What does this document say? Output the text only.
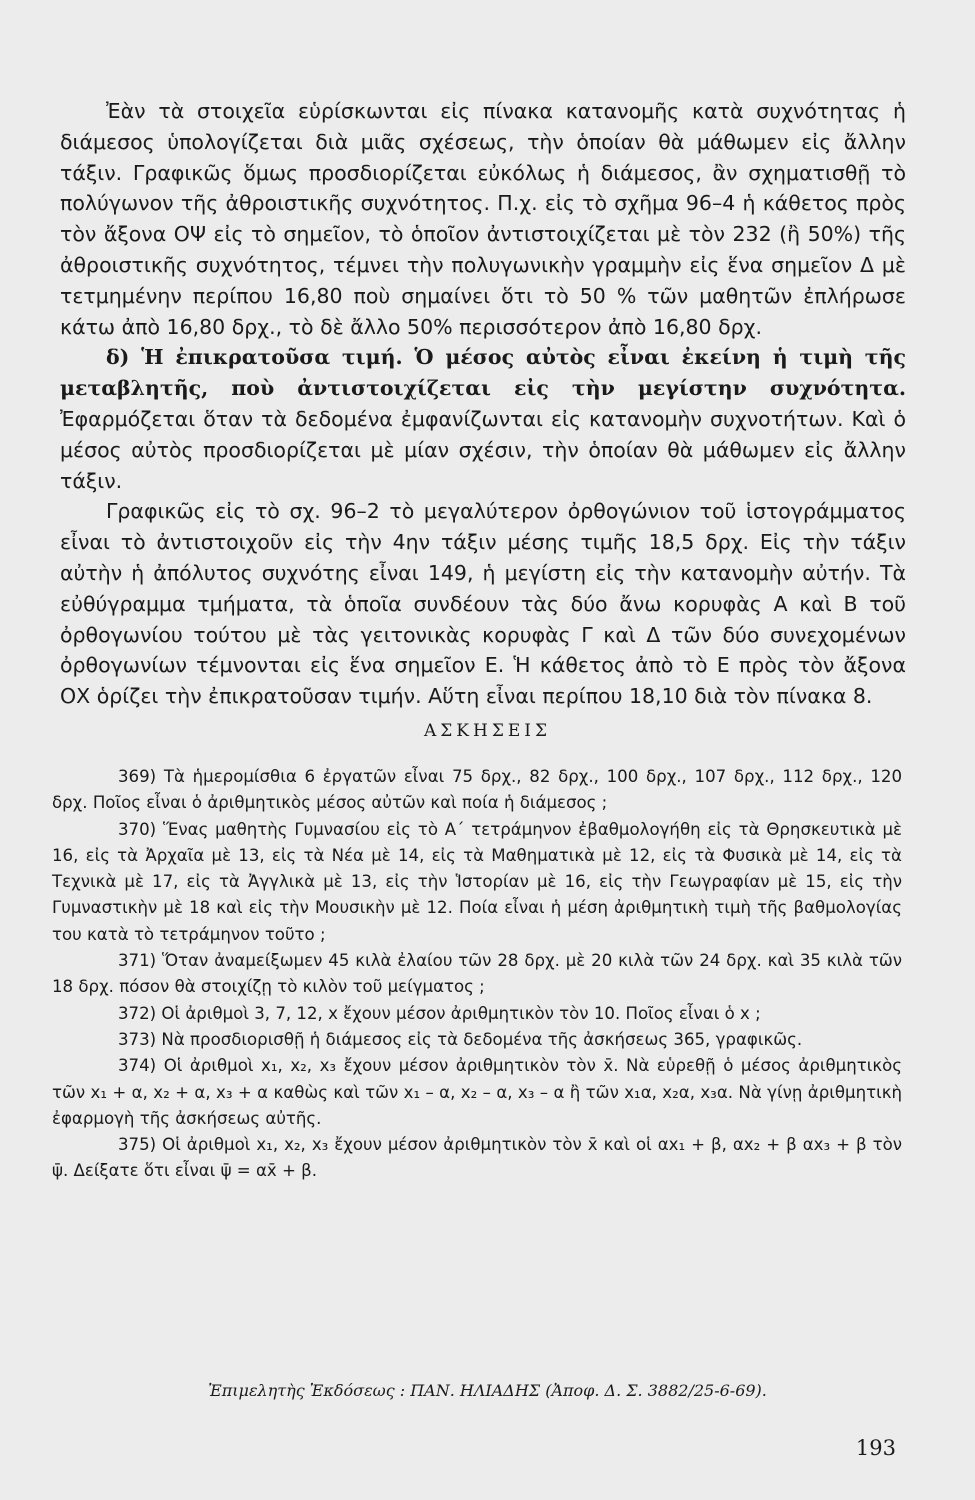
Ἐὰν τὰ στοιχεῖα εὑρίσκωνται εἰς πίνακα κατανομῆς κατὰ συχνότητας ἡ διάμεσος ὑπολογίζεται διὰ μιᾶς σχέσεως, τὴν ὁποίαν θὰ μάθωμεν εἰς ἄλλην τάξιν. Γραφικῶς ὅμως προσδιορίζεται εὐκόλως ἡ διάμεσος, ἂν σχηματισθῇ τὸ πολύγωνον τῆς ἀθροιστικῆς συχνότητος. Π.χ. εἰς τὸ σχῆμα 96–4 ἡ κάθετος πρὸς τὸν ἄξονα ΟΨ εἰς τὸ σημεῖον, τὸ ὁποῖον ἀντιστοιχίζεται μὲ τὸν 232 (ἢ 50%) τῆς ἀθροιστικῆς συχνότητος, τέμνει τὴν πολυγωνικὴν γραμμὴν εἰς ἕνα σημεῖον Δ μὲ τετμημένην περίπου 16,80 ποὺ σημαίνει ὅτι τὸ 50 % τῶν μαθητῶν ἐπλήρωσε κάτω ἀπὸ 16,80 δρχ., τὸ δὲ ἄλλο 50% περισσότερον ἀπὸ 16,80 δρχ.

δ) Ἡ ἐπικρατοῦσα τιμή. Ὁ μέσος αὐτὸς εἶναι ἐκείνη ἡ τιμὴ τῆς μεταβλητῆς, ποὺ ἀντιστοιχίζεται εἰς τὴν μεγίστην συχνότητα. Ἐφαρμόζεται ὅταν τὰ δεδομένα ἐμφανίζωνται εἰς κατανομὴν συχνοτήτων. Καὶ ὁ μέσος αὐτὸς προσδιορίζεται μὲ μίαν σχέσιν, τὴν ὁποίαν θὰ μάθωμεν εἰς ἄλλην τάξιν.

Γραφικῶς εἰς τὸ σχ. 96–2 τὸ μεγαλύτερον ὀρθογώνιον τοῦ ἱστογράμματος εἶναι τὸ ἀντιστοιχοῦν εἰς τὴν 4ην τάξιν μέσης τιμῆς 18,5 δρχ. Εἰς τὴν τάξιν αὐτὴν ἡ ἀπόλυτος συχνότης εἶναι 149, ἡ μεγίστη εἰς τὴν κατανομὴν αὐτήν. Τὰ εὐθύγραμμα τμήματα, τὰ ὁποῖα συνδέουν τὰς δύο ἄνω κορυφὰς Α καὶ Β τοῦ ὀρθογωνίου τούτου μὲ τὰς γειτονικὰς κορυφὰς Γ καὶ Δ τῶν δύο συνεχομένων ὀρθογωνίων τέμνονται εἰς ἕνα σημεῖον Ε. Ἡ κάθετος ἀπὸ τὸ Ε πρὸς τὸν ἄξονα ΟΧ ὁρίζει τὴν ἐπικρατοῦσαν τιμήν. Αὕτη εἶναι περίπου 18,10 διὰ τὸν πίνακα 8.

ΑΣΚΗΣΕΙΣ

369) Τὰ ἡμερομίσθια 6 ἐργατῶν εἶναι 75 δρχ., 82 δρχ., 100 δρχ., 107 δρχ., 112 δρχ., 120 δρχ. Ποῖος εἶναι ὁ ἀριθμητικὸς μέσος αὐτῶν καὶ ποία ἡ διάμεσος ;

370) Ἕνας μαθητὴς Γυμνασίου εἰς τὸ Α΄ τετράμηνον ἐβαθμολογήθη εἰς τὰ Θρησκευτικὰ μὲ 16, εἰς τὰ Ἀρχαῖα μὲ 13, εἰς τὰ Νέα μὲ 14, εἰς τὰ Μαθηματικὰ μὲ 12, εἰς τὰ Φυσικὰ μὲ 14, εἰς τὰ Τεχνικὰ μὲ 17, εἰς τὰ Ἀγγλικὰ μὲ 13, εἰς τὴν Ἱστορίαν μὲ 16, εἰς τὴν Γεωγραφίαν μὲ 15, εἰς τὴν Γυμναστικὴν μὲ 18 καὶ εἰς τὴν Μουσικὴν μὲ 12. Ποία εἶναι ἡ μέση ἀριθμητικὴ τιμὴ τῆς βαθμολογίας του κατὰ τὸ τετράμηνον τοῦτο ;

371) Ὅταν ἀναμείξωμεν 45 κιλὰ ἐλαίου τῶν 28 δρχ. μὲ 20 κιλὰ τῶν 24 δρχ. καὶ 35 κιλὰ τῶν 18 δρχ. πόσον θὰ στοιχίζῃ τὸ κιλὸν τοῦ μείγματος ;

372) Οἱ ἀριθμοὶ 3, 7, 12, x ἔχουν μέσον ἀριθμητικὸν τὸν 10. Ποῖος εἶναι ὁ x ;

373) Νὰ προσδιορισθῇ ἡ διάμεσος εἰς τὰ δεδομένα τῆς ἀσκήσεως 365, γραφικῶς.

374) Οἱ ἀριθμοὶ x₁, x₂, x₃ ἔχουν μέσον ἀριθμητικὸν τὸν x̄. Νὰ εὑρεθῇ ὁ μέσος ἀριθμητικὸς τῶν x₁ + α, x₂ + α, x₃ + α καθὼς καὶ τῶν x₁ – α, x₂ – α, x₃ – α ἢ τῶν x₁α, x₂α, x₃α. Νὰ γίνῃ ἀριθμητικὴ ἐφαρμογὴ τῆς ἀσκήσεως αὐτῆς.

375) Οἱ ἀριθμοὶ x₁, x₂, x₃ ἔχουν μέσον ἀριθμητικὸν τὸν x̄ καὶ οἱ αx₁ + β, αx₂ + β αx₃ + β τὸν ψ̄. Δείξατε ὅτι εἶναι ψ̄ = αx̄ + β.

Ἐπιμελητὴς Ἐκδόσεως : ΠΑΝ. ΗΛΙΑΔΗΣ (Ἀποφ. Δ. Σ. 3882/25-6-69).
193
